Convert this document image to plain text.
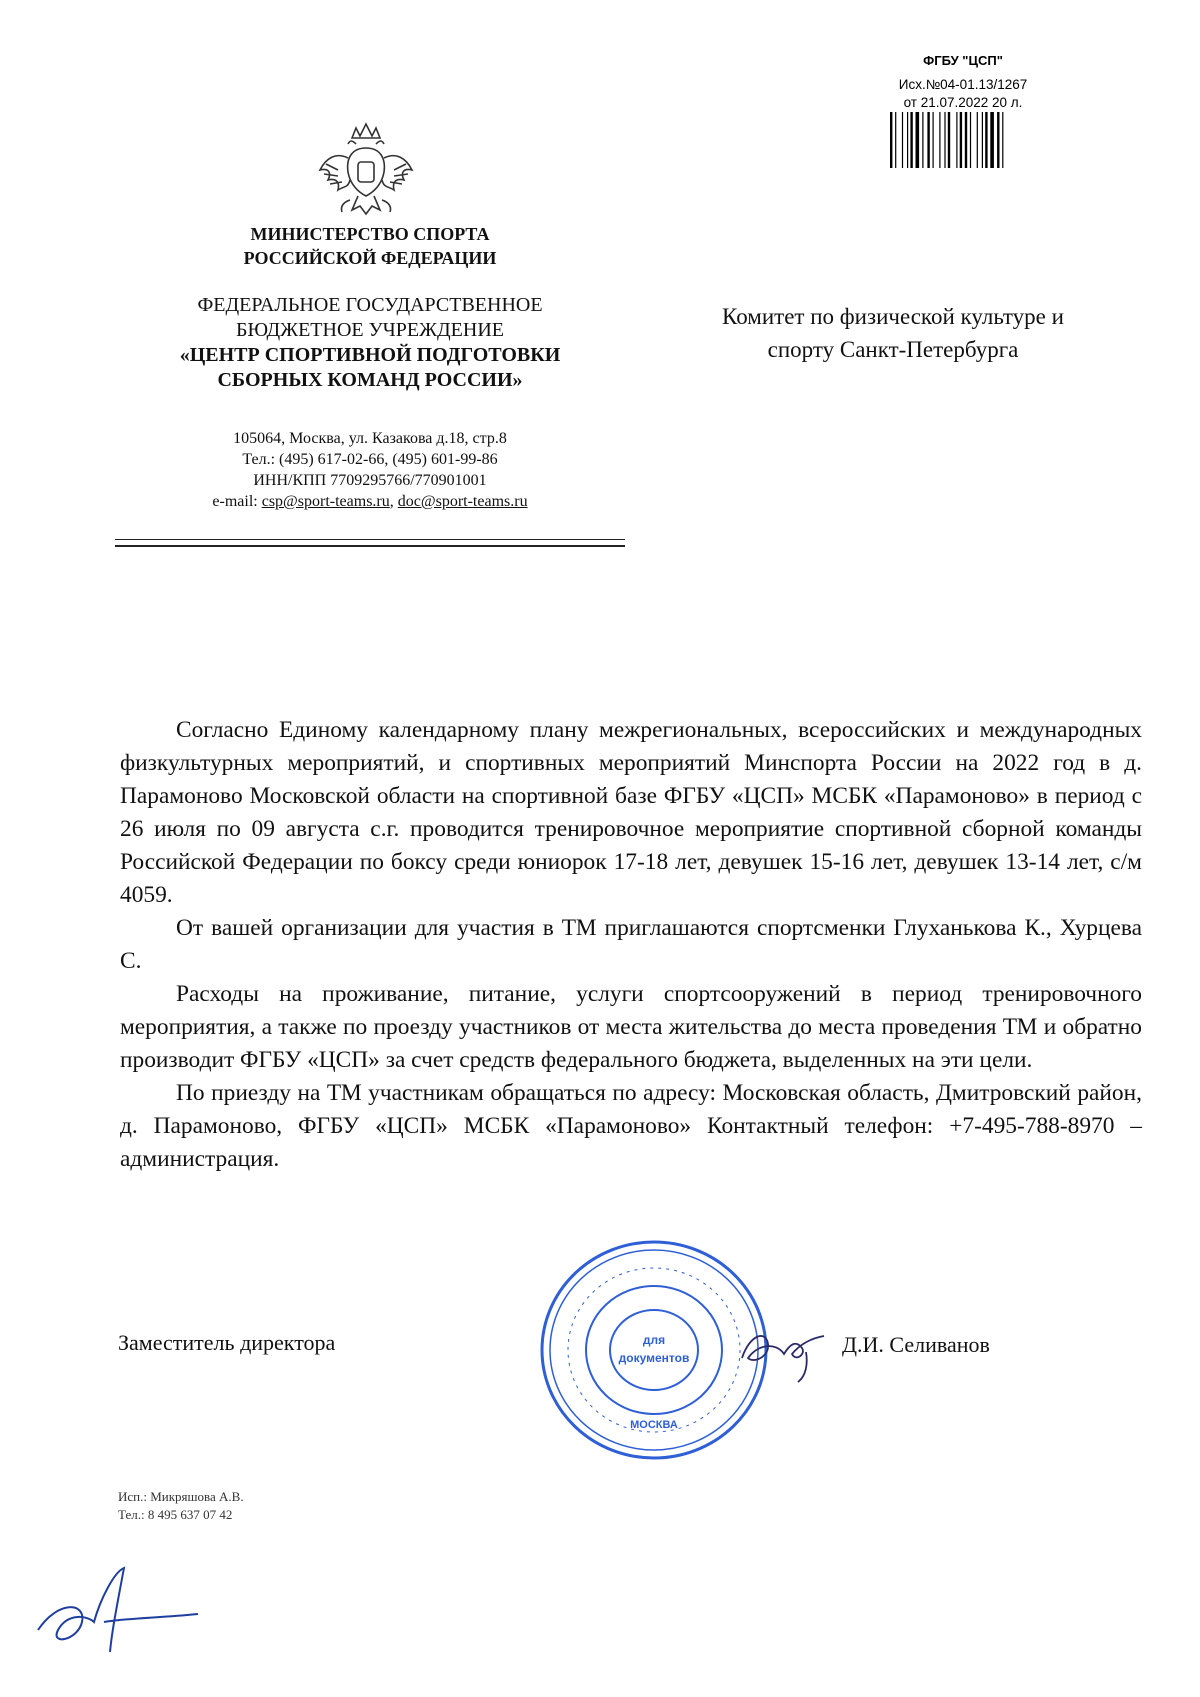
ФГБУ "ЦСП"
Исх.№04-01.13/1267
от 21.07.2022 20 л.
МИНИСТЕРСТВО СПОРТА
РОССИЙСКОЙ ФЕДЕРАЦИИ
ФЕДЕРАЛЬНОЕ ГОСУДАРСТВЕННОЕ
БЮДЖЕТНОЕ УЧРЕЖДЕНИЕ
«ЦЕНТР СПОРТИВНОЙ ПОДГОТОВКИ
СБОРНЫХ КОМАНД РОССИИ»
105064, Москва, ул. Казакова д.18, стр.8
Тел.: (495) 617-02-66, (495) 601-99-86
ИНН/КПП 7709295766/770901001
e-mail: csp@sport-teams.ru, doc@sport-teams.ru
Комитет по физической культуре и
спорту Санкт-Петербурга

Согласно Единому календарному плану межрегиональных, всероссийских и международных физкультурных мероприятий, и спортивных мероприятий Минспорта России на 2022 год в д. Парамоново Московской области на спортивной базе ФГБУ «ЦСП» МСБК «Парамоново» в период с 26 июля по 09 августа с.г. проводится тренировочное мероприятие спортивной сборной команды Российской Федерации по боксу среди юниорок 17-18 лет, девушек 15-16 лет, девушек 13-14 лет, с/м 4059.

От вашей организации для участия в ТМ приглашаются спортсменки Глуханькова К., Хурцева С.

Расходы на проживание, питание, услуги спортсооружений в период тренировочного мероприятия, а также по проезду участников от места жительства до места проведения ТМ и обратно производит ФГБУ «ЦСП» за счет средств федерального бюджета, выделенных на эти цели.

По приезду на ТМ участникам обращаться по адресу: Московская область, Дмитровский район, д. Парамоново, ФГБУ «ЦСП» МСБК «Парамоново» Контактный телефон: +7-495-788-8970 – администрация.

Заместитель директора	Д.И. Селиванов
для
документов
МОСКВА
Исп.: Микряшова А.В.
Тел.: 8 495 637 07 42
